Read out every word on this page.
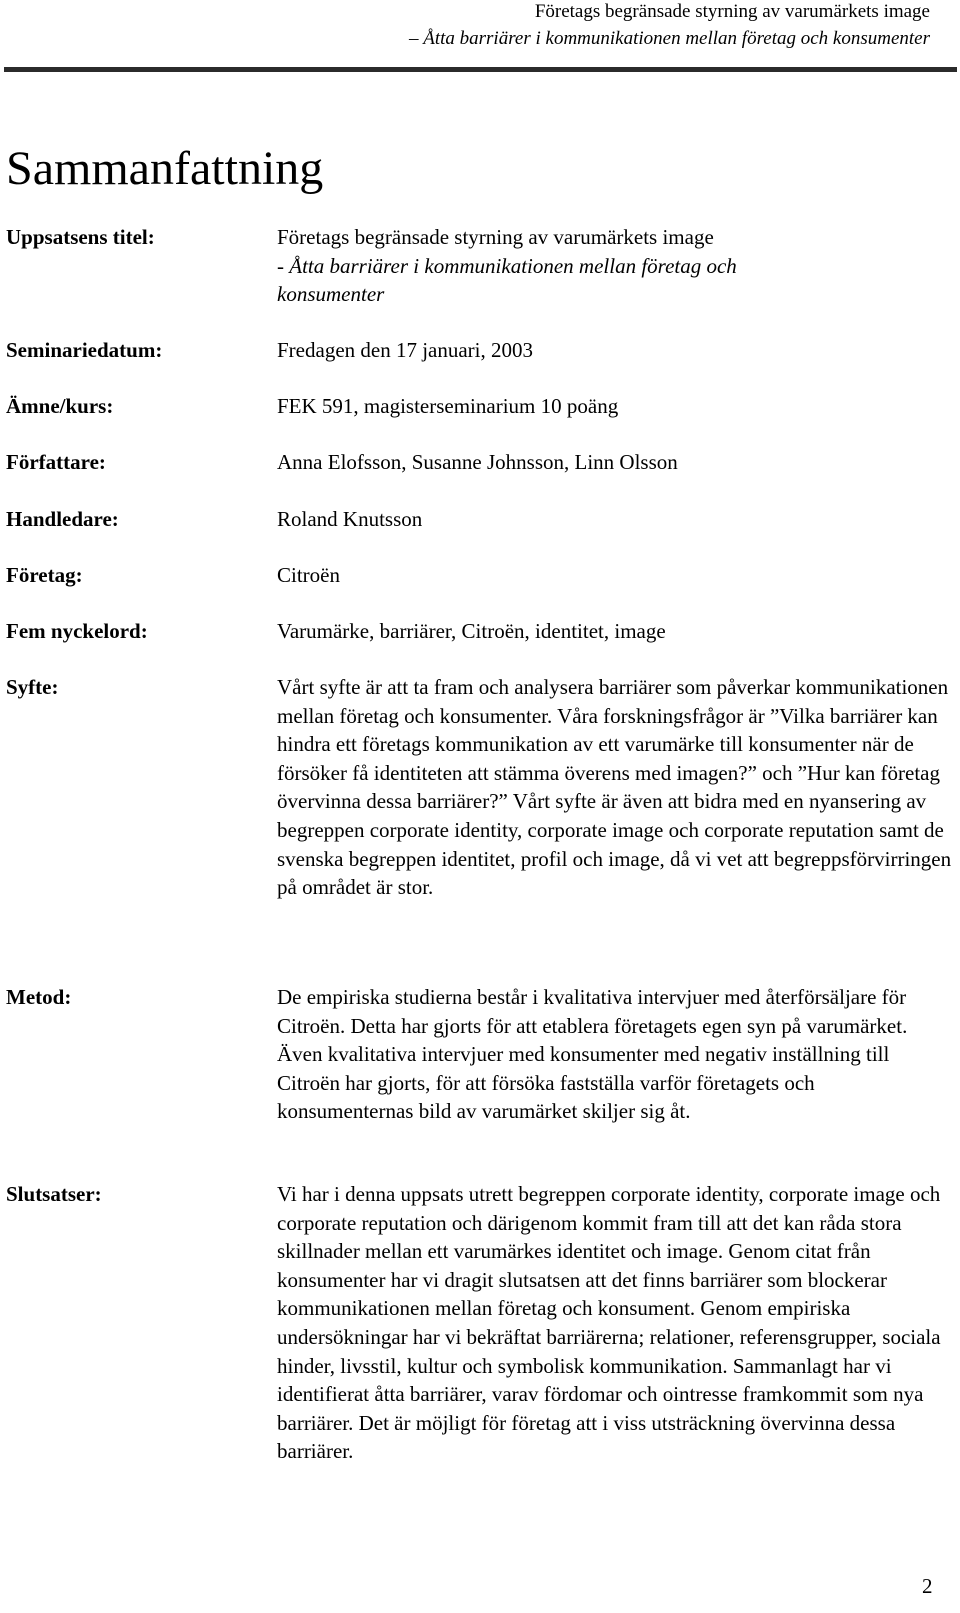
Företags begränsade styrning av varumärkets image
– Åtta barriärer i kommunikationen mellan företag och konsumenter
Sammanfattning
Uppsatsens titel:	Företags begränsade styrning av varumärkets image
- Åtta barriärer i kommunikationen mellan företag och
konsumenter
Seminariedatum:	Fredagen den 17 januari, 2003
Ämne/kurs:	FEK 591, magisterseminarium 10 poäng
Författare:	Anna Elofsson, Susanne Johnsson, Linn Olsson
Handledare:	Roland Knutsson
Företag:	Citroën
Fem nyckelord:	Varumärke, barriärer, Citroën, identitet, image
Syfte:	Vårt syfte är att ta fram och analysera barriärer som påverkar kommunikationen mellan företag och konsumenter. Våra forskningsfrågor är ”Vilka barriärer kan hindra ett företags kommunikation av ett varumärke till konsumenter när de försöker få identiteten att stämma överens med imagen?” och ”Hur kan företag övervinna dessa barriärer?” Vårt syfte är även att bidra med en nyansering av begreppen corporate identity, corporate image och corporate reputation samt de svenska begreppen identitet, profil och image, då vi vet att begreppsförvirringen på området är stor.
Metod:	De empiriska studierna består i kvalitativa intervjuer med återförsäljare för Citroën. Detta har gjorts för att etablera företagets egen syn på varumärket. Även kvalitativa intervjuer med konsumenter med negativ inställning till Citroën har gjorts, för att försöka fastställa varför företagets och konsumenternas bild av varumärket skiljer sig åt.
Slutsatser:	Vi har i denna uppsats utrett begreppen corporate identity, corporate image och corporate reputation och därigenom kommit fram till att det kan råda stora skillnader mellan ett varumärkes identitet och image. Genom citat från konsumenter har vi dragit slutsatsen att det finns barriärer som blockerar kommunikationen mellan företag och konsument. Genom empiriska undersökningar har vi bekräftat barriärerna; relationer, referensgrupper, sociala hinder, livsstil, kultur och symbolisk kommunikation. Sammanlagt har vi identifierat åtta barriärer, varav fördomar och ointresse framkommit som nya barriärer. Det är möjligt för företag att i viss utsträckning övervinna dessa barriärer.
2
